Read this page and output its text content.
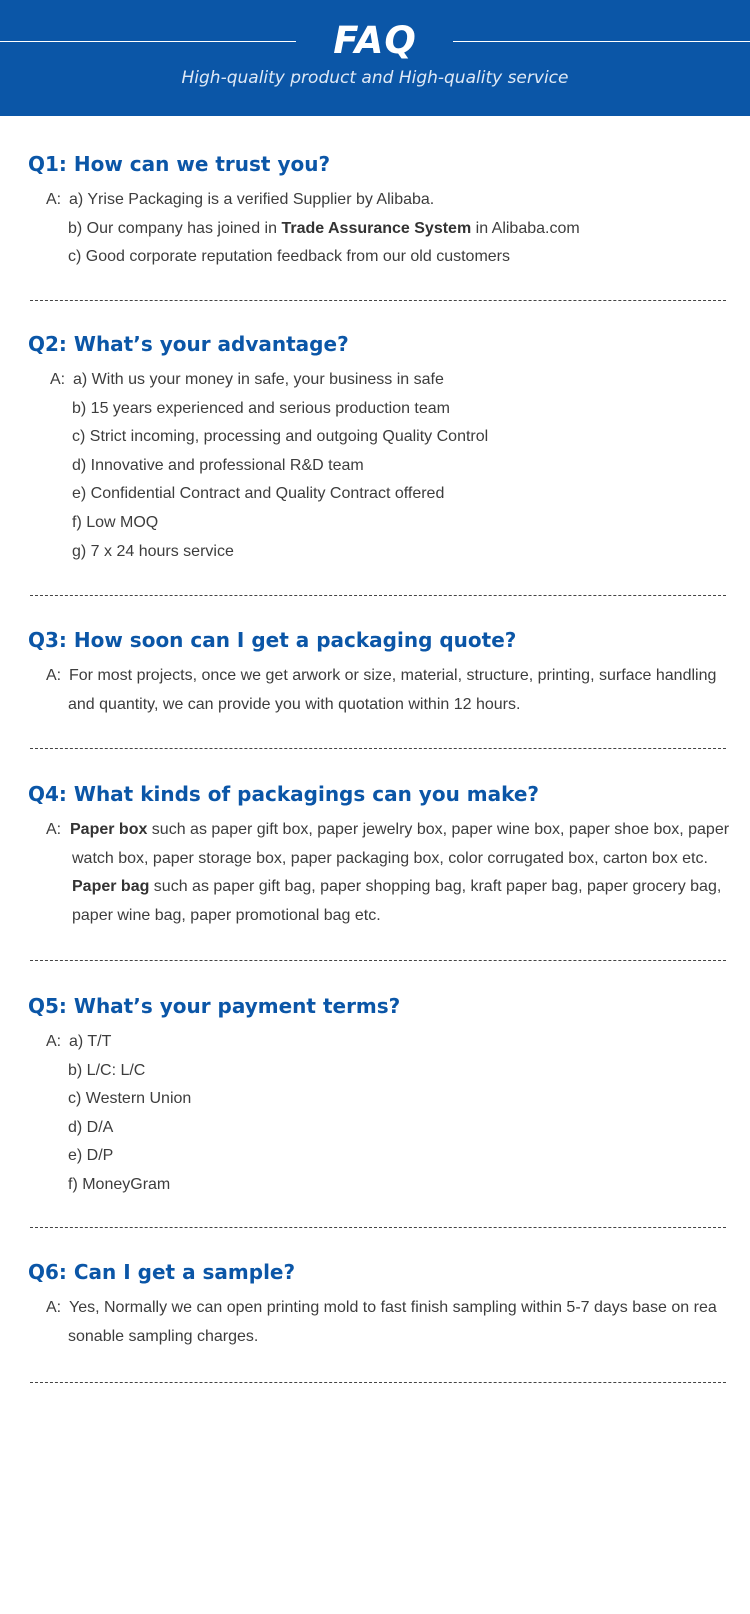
FAQ
High-quality product and High-quality service
Q1: How can we trust you?
A: a) Yrise Packaging is a verified Supplier by Alibaba.
b) Our company has joined in Trade Assurance System in Alibaba.com
c) Good corporate reputation feedback from our old customers
Q2: What’s your advantage?
A: a) With us your money in safe, your business in safe
b) 15 years experienced and serious production team
c) Strict incoming, processing and outgoing Quality Control
d) Innovative and professional R&D team
e) Confidential Contract and Quality Contract offered
f) Low MOQ
g) 7 x 24 hours service
Q3: How soon can I get a packaging quote?
A: For most projects, once we get arwork or size, material, structure, printing, surface handling
and quantity, we can provide you with quotation within 12 hours.
Q4: What kinds of packagings can you make?
A: Paper box such as paper gift box, paper jewelry box, paper wine box, paper shoe box, paper
watch box, paper storage box, paper packaging box, color corrugated box, carton box etc.
Paper bag such as paper gift bag, paper shopping bag, kraft paper bag, paper grocery bag,
paper wine bag, paper promotional bag etc.
Q5: What’s your payment terms?
A: a) T/T
b) L/C: L/C
c) Western Union
d) D/A
e) D/P
f) MoneyGram
Q6: Can I get a sample?
A: Yes, Normally we can open printing mold to fast finish sampling within 5-7 days base on rea
sonable sampling charges.
